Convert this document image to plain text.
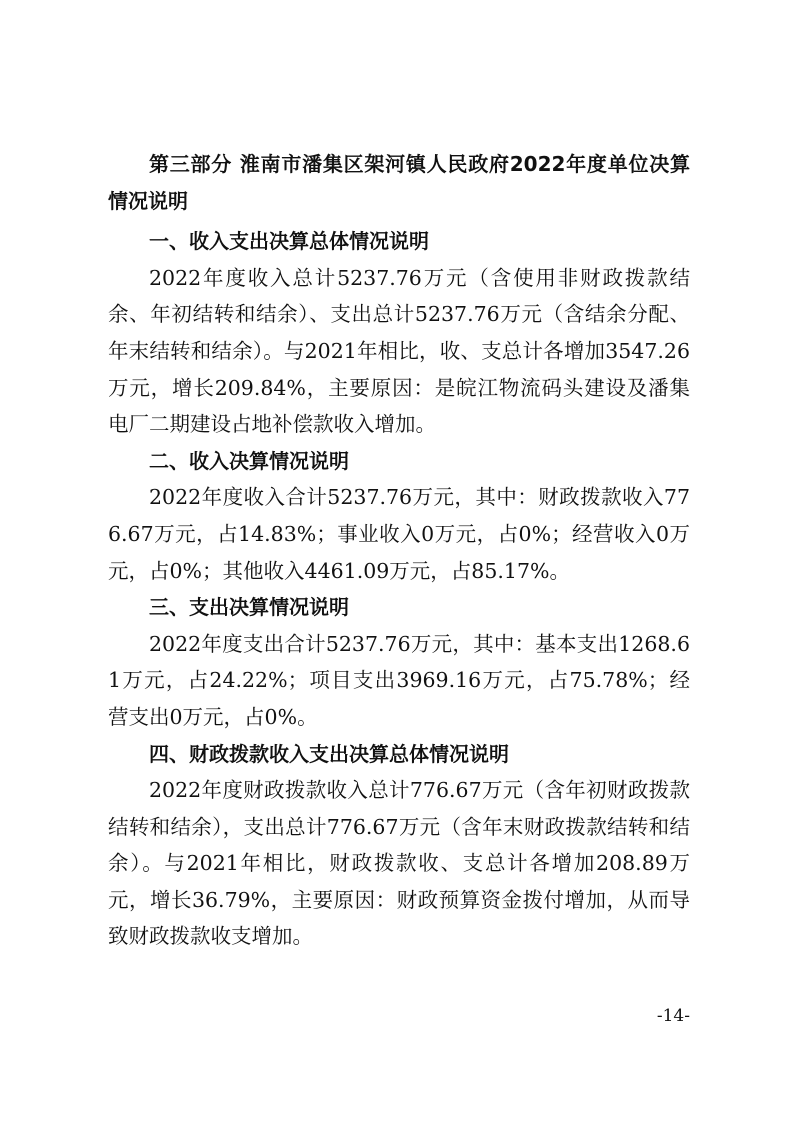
第三部分 淮南市潘集区架河镇人民政府2022年度单位决算情况说明

一、收入支出决算总体情况说明

2022年度收入总计5237.76万元（含使用非财政拨款结余、年初结转和结余）、支出总计5237.76万元（含结余分配、年末结转和结余）。与2021年相比，收、支总计各增加3547.26万元，增长209.84%，主要原因：是皖江物流码头建设及潘集电厂二期建设占地补偿款收入增加。

二、收入决算情况说明

2022年度收入合计5237.76万元，其中：财政拨款收入776.67万元，占14.83%；事业收入0万元，占0%；经营收入0万元，占0%；其他收入4461.09万元，占85.17%。

三、支出决算情况说明

2022年度支出合计5237.76万元，其中：基本支出1268.61万元，占24.22%；项目支出3969.16万元，占75.78%；经营支出0万元，占0%。

四、财政拨款收入支出决算总体情况说明

2022年度财政拨款收入总计776.67万元（含年初财政拨款结转和结余），支出总计776.67万元（含年末财政拨款结转和结余）。与2021年相比，财政拨款收、支总计各增加208.89万元，增长36.79%，主要原因：财政预算资金拨付增加，从而导致财政拨款收支增加。

-14-
